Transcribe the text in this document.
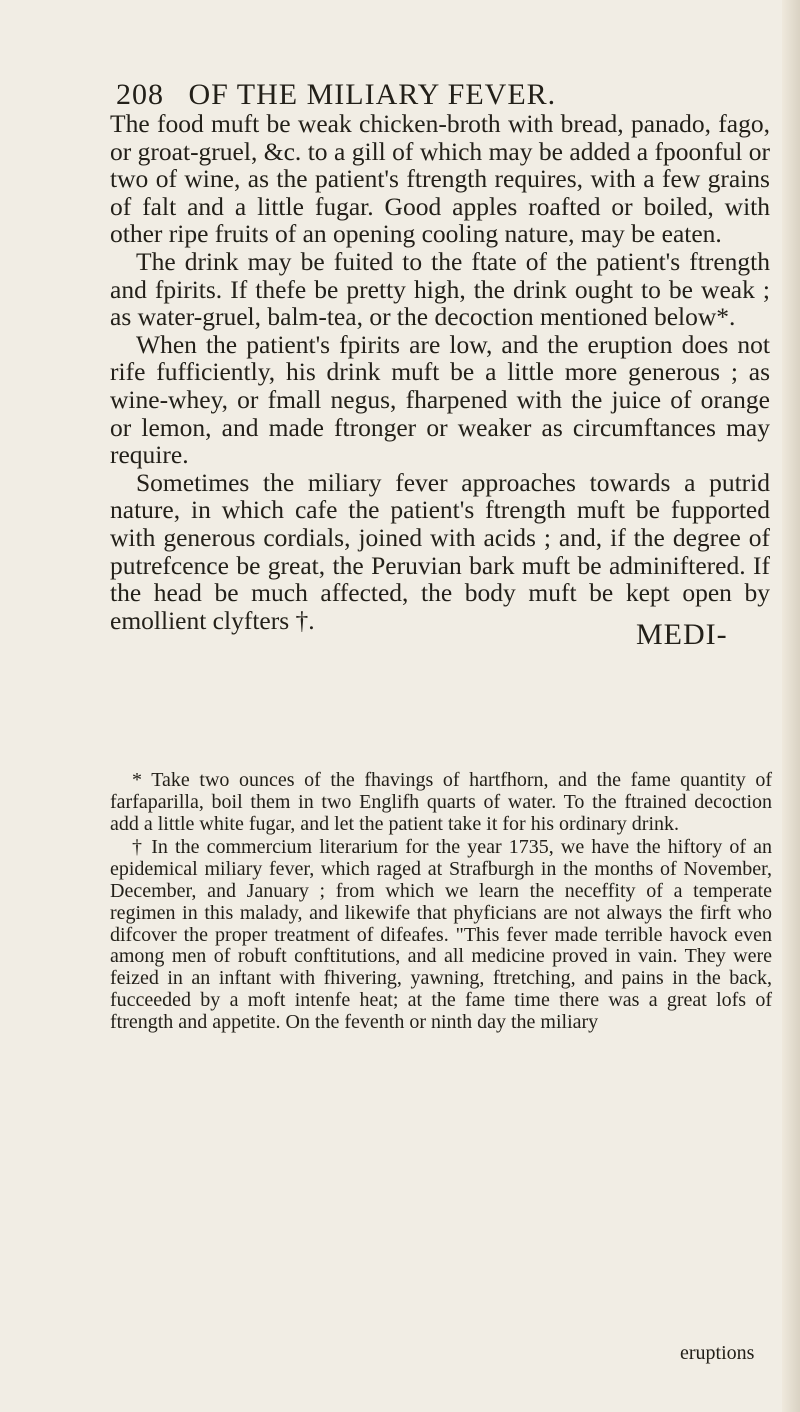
208 OF THE MILIARY FEVER.

The food muft be weak chicken-broth with bread, panado, fago, or groat-gruel, &c. to a gill of which may be added a fpoonful or two of wine, as the patient's ftrength requires, with a few grains of falt and a little fugar. Good apples roafted or boiled, with other ripe fruits of an opening cooling nature, may be eaten.

The drink may be fuited to the ftate of the patient's ftrength and fpirits. If thefe be pretty high, the drink ought to be weak ; as water-gruel, balm-tea, or the decoction mentioned below*.

When the patient's fpirits are low, and the eruption does not rife fufficiently, his drink muft be a little more generous ; as wine-whey, or fmall negus, fharpened with the juice of orange or lemon, and made ftronger or weaker as circumftances may require.

Sometimes the miliary fever approaches towards a putrid nature, in which cafe the patient's ftrength muft be fupported with generous cordials, joined with acids ; and, if the degree of putrefcence be great, the Peruvian bark muft be adminiftered. If the head be much affected, the body muft be kept open by emollient clyfters †.	MEDI-

* Take two ounces of the fhavings of hartfhorn, and the fame quantity of farfaparilla, boil them in two Englifh quarts of water. To the ftrained decoction add a little white fugar, and let the patient take it for his ordinary drink.

† In the commercium literarium for the year 1735, we have the hiftory of an epidemical miliary fever, which raged at Strafburgh in the months of November, December, and January ; from which we learn the neceffity of a temperate regimen in this malady, and likewife that phyficians are not always the firft who difcover the proper treatment of difeafes. "This fever made terrible havock even among men of robuft conftitutions, and all medicine proved in vain. They were feized in an inftant with fhivering, yawning, ftretching, and pains in the back, fucceeded by a moft intenfe heat; at the fame time there was a great lofs of ftrength and appetite. On the feventh or ninth day the miliary

eruptions
